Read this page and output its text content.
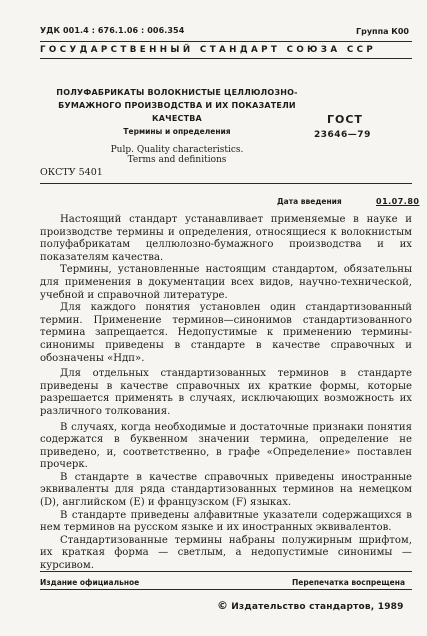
УДК 001.4 : 676.1.06 : 006.354	Группа К00
ГОСУДАРСТВЕННЫЙ СТАНДАРТ СОЮЗА ССР
ПОЛУФАБРИКАТЫ ВОЛОКНИСТЫЕ ЦЕЛЛЮЛОЗНО-
БУМАЖНОГО ПРОИЗВОДСТВА И ИХ ПОКАЗАТЕЛИ
КАЧЕСТВА	ГОСТ
23646—79
Термины и определения
Pulp. Quality characteristics.
Terms and definitions
ОКСТУ 5401
Дата введения	01.07.80

Настоящий стандарт устанавливает применяемые в науке и производстве термины и определения, относящиеся к волокнистым полуфабрикатам целлюлозно-бумажного производства и их показателям качества.

Термины, установленные настоящим стандартом, обязательны для применения в документации всех видов, научно-технической, учебной и справочной литературе.

Для каждого понятия установлен один стандартизованный термин. Применение терминов—синонимов стандартизованного термина запрещается. Недопустимые к применению термины-синонимы приведены в стандарте в качестве справочных и обозначены «Ндп».

Для отдельных стандартизованных терминов в стандарте приведены в качестве справочных их краткие формы, которые разрешается применять в случаях, исключающих возможность их различного толкования.

В случаях, когда необходимые и достаточные признаки понятия содержатся в буквенном значении термина, определение не приведено, и, соответственно, в графе «Определение» поставлен прочерк.

В стандарте в качестве справочных приведены иностранные эквиваленты для ряда стандартизованных терминов на немецком (D), английском (E) и французском (F) языках.

В стандарте приведены алфавитные указатели содержащихся в нем терминов на русском языке и их иностранных эквивалентов.

Стандартизованные термины набраны полужирным шрифтом, их краткая форма — светлым, а недопустимые синонимы — курсивом.

Издание официальное	Перепечатка воспрещена
© Издательство стандартов, 1989
